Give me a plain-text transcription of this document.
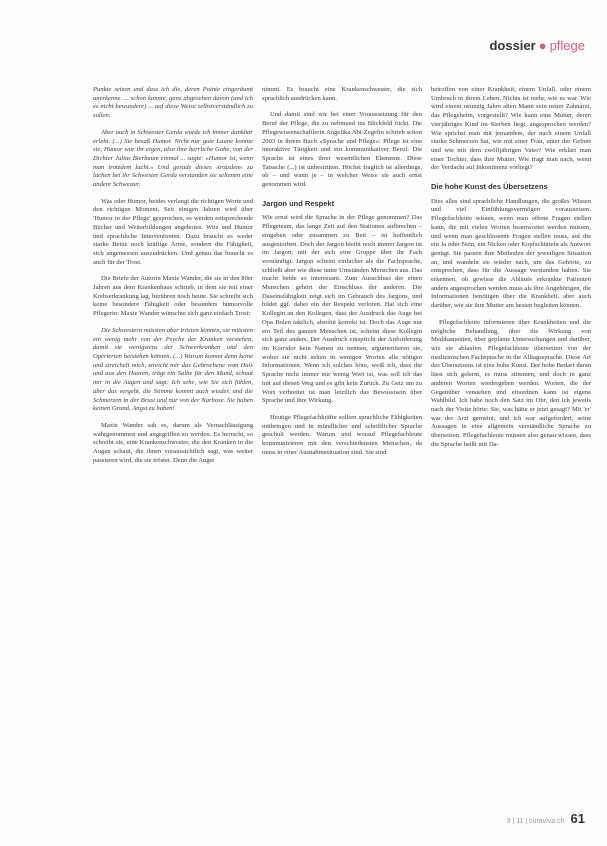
dossier ● pflege

Punkte setzen und dass ich die, deren Pointe eingeräumt anerkenne. ... schon kannte, ganz abgesehen davon (und ich es nicht bewundere) ... auf diese Weise selbstverständlich zu sollen.

Aber auch in Schwester Gerda wurde ich immer dankbar erlebt. (...) Sie besaß Humor. Nicht nur gute Laune konnte sie, Humor war ihr eigen, also ihre herrliche Gabe, von der Dichter Julius Bierbaum einmal ... sagte: »Humor ist, wenn man trotzdem lacht.« Und gerade dieses ›trotzdem‹ zu lachen bei ihr Schwester Gerda verstanden sie seltenen eine andere Schwester.

Was oder Humor, beides verlangt die richtigen Worte und den richtigen Moment. Seit einigen Jahren wird über 'Humor in der Pflege' gesprochen, es werden entsprechende Bücher und Weiterbildungen angeboten. Witz und Humor und sprachliche Interventionen. Dazu braucht es weder starke Beine noch kräftige Arme, sondern die Fähigkeit, sich angemessen auszudrücken. Und genau das braucht es auch für der Trost.

Die Briefe der Autorin Maxie Wander, die sie in den 80er Jahren aus dem Krankenhaus schrieb, in dem sie mit einer Krebserkrankung lag, berühren noch heute. Sie schreibt sich keine besondere Fähigkeit oder besonders humorvolle Pflegerin: Maxie Wander wünschte sich ganz einfach Trost:

Die Schwestern müssten aber trösten können, sie müssten ein wenig mehr von der Psyche der Kranken verstehen, damit sie wenigstens der Schwerkranken und den Operierten beistehen können. (...) Warum kommt denn keine und streichelt mich, streicht mir das Gebrochene vom Hals und aus den Haaren, trägt ein Salbe für den Mund, schaut mir in die Augen und sagt: Ich sehe, wie Sie sich fühlen, aber das vergeht, die Stimme kommt auch wieder, und die Schmerzen in der Brust und nur von der Narbose. Sie haben keinen Grund, Angst zu haben!

Maxie Wander sah es, darum als Vernachlässigung wahrgenommen und angegriffen zu werden. Es herrscht, so schreibt sie, eine Krankenschwester, die den Kranken in die Augen schaut, die ihnen voraussichtlich sagt, was weiter passieren wird, die sie tröstet. Denn die Angst

nimmt. Es braucht eine Krankenschwester, die sich sprachlich ausdrücken kann.

Und damit sind wir bei einer Voraussetzung für den Beruf der Pflege, die zu nehmend ins Blickfeld rückt. Die Pflegewissenschaftlerin Angelika Abt-Zegelin schrieb schon 2003 in ihrem Buch »Sprache und Pflege«: Pflege ist eine interaktive Tätigkeit und ein kommunikativer Beruf. Die Sprache ist eines ihrer wesentlichen Elemente. Diese Tatsache (...) ist unbestritten. Höchst fraglich ist allerdings, ob – und wann je – in welcher Weise sie auch ernst genommen wird.

Jargon und Respekt

Wie ernst wird die Sprache in der Pflege genommen? Das Pflegeteam, das lange Zeit auf den Stationen aufbrechen – eingeben oder zusammen zu Bett – ist hoffentlich ausgestorben. Doch der Jargon bleibt noch immer Jargon ist im Jargon, mit der sich eine Gruppe über ihr Fach verständigt. Jargon scheint einfacher als die Fachsprache, schließt aber wie diese unter Umständen Menschen aus. Das macht beide so interessant. Zum Ausschluss der einen Menschen gehört der Einschluss der anderen. Die Daseinsfähigkeit zeigt sich im Gebrauch des Jargons, und bildet ggf. dabei ein der Respekt verloren. Hat sich eine Kollegin an den Kollegen, dass der Ausdruck das Auge bei Opa Bolen taktlich, absolut korrekt ist. Doch das Auge nur ein Teil des ganzen Menschen ist, scheint diese Kollegin sich ganz anders. Der Ausdruck entspricht der Anforderung im Korridor kein Namen zu nennen, argumentieren sie, wobei sie nicht selten in wenigen Worten alle nötigen Informationen. Wenn ich solches höre, weiß ich, dass die Sprache nicht immer nur wenig Wert ist, was soll ich das mit auf diesen Weg und es gibt kein Zurück. Zu Geiz um zu Wort verbreitet ist man letztlich das Bewusstsein über Sprache und ihre Wirkung.

Heutige Pflegefachkräfte sollten sprachliche Fähigkeiten mitbringen und in mündlicher und schriftlicher Sprache geschult werden. Warum und worauf Pflegefachleute kommunizieren mit den verschiedensten Menschen, da muss in einer Ausnahmesituation sind. Sie sind

betroffen von einer Krankheit, einem Unfall, oder einem Umbruch in ihrem Leben. Nichts ist mehr, wie es war. Wie wird einem neunzig Jahre alten Mann sein neuer Zahnarzt, das Pflegeheim, vorgestellt? Wie kann eine Mutter, deren vierjähriges Kind im Sterben liegt, angesprochen werden? Wie sprichst man mit jemandem, der nach einem Unfall starke Schmerzen hat, wie mit einer Frau, unter der Geburt und wie mit dem zwölfjährigen Vater? Wie erklärt man einer Tochter, dass ihre Mutter, Wie fragt man nach, wenn der Verdacht auf Inkontinenz vorliegt?

Die hohe Kunst des Übersetzens

Dies alles sind sprachliche Handlungen, die großes Wissen und viel Einfühlungsvermögen voraussetzen. Pflegefachleute wissen, wenn man offene Fragen stellen kann, die mit vielen Worten beantwortet werden müssen, und wenn man geschlossene Fragen stellen muss, auf die ein Ja oder Nein, ein Nicken oder Kopfschütteln als Antwort genügt. Sie passen ihre Methoden der jeweiligen Situation an, und wandeln sie wieder nach, um das Gehörte, zu entsprechen, dass für die Aussage verstanden haben. Sie erkennen, ob gewisse die Abläufe erkrankte Patienten anders angesprochen werden muss als ihre Angehörigen, die Informationen benötigen über die Krankheit, aber auch darüber, wie sie ihre Mutter am besten begleiten können.

Pflegefachleute informieren über Krankheiten und die mögliche Behandlung, über die Wirkung von Medikamenten, über geplante Untersuchungen und darüber, wie sie ablaufen. Pflegefachleute übersetzen von der medizinischen Fachsprache in die Alltagssprache. Diese Art des Übersetzens ist eine hohe Kunst. Der hohe Bedarf daran lässt sich gelernt, es muss stimmen, und doch in ganz anderen Worten wiedergeben werden. Worten, die der Gegenüber verstehen und einordnen kann ist eigene Wahlbild. Ich habe noch den Satz im Ohr, den ich jeweils nach der Visite hörte: Sie, was hätte er jetzt gesagt? Mit 'er' war der Arzt gemeint, und ich war aufgefordert, seine Aussagen in eine allgemein verständliche Sprache zu übersetzen. Pflegefachleute müssen also genau wissen, dass die Sprache heißt mit Da-

3 | 11 | curaviva.ch 61
